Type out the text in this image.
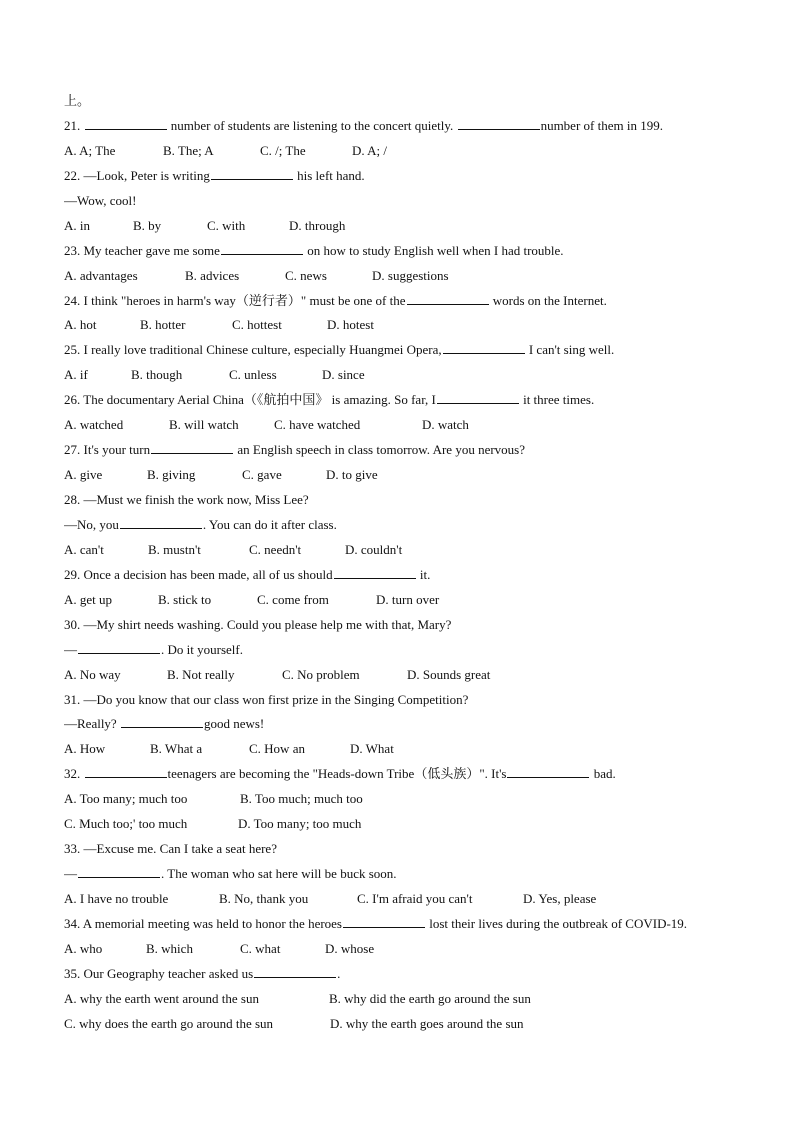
上。
21.	number of students are listening to the concert quietly.	number of them in 199.
A. A; The	B. The; A	C. /; The	D. A; /
22. —Look, Peter is writing	his left hand.
—Wow, cool!
A. in	B. by	C. with	D. through
23. My teacher gave me some	on how to study English well when I had trouble.
A. advantages	B. advices	C. news	D. suggestions
24. I think "heroes in harm's way（逆行者）" must be one of the	words on the Internet.
A. hot	B. hotter	C. hottest	D. hotest
25. I really love traditional Chinese culture, especially Huangmei Opera,	I can't sing well.
A. if	B. though	C. unless	D. since
26. The documentary Aerial China（《航拍中国》 is amazing. So far, I	it three times.
A. watched	B. will watch	C. have watched	D. watch
27. It's your turn	an English speech in class tomorrow. Are you nervous?
A. give	B. giving	C. gave	D. to give
28. —Must we finish the work now, Miss Lee?
—No, you	. You can do it after class.
A. can't	B. mustn't	C. needn't	D. couldn't
29. Once a decision has been made, all of us should	it.
A. get up	B. stick to	C. come from	D. turn over
30. —My shirt needs washing. Could you please help me with that, Mary?
—	. Do it yourself.
A. No way	B. Not really	C. No problem	D. Sounds great
31. —Do you know that our class won first prize in the Singing Competition?
—Really?	good news!
A. How	B. What a	C. How an	D. What
32.	teenagers are becoming the "Heads-down Tribe（低头族）". It's	bad.
A. Too many; much too	B. Too much; much too
C. Much too;' too much	D. Too many; too much
33. —Excuse me. Can I take a seat here?
—	. The woman who sat here will be buck soon.
A. I have no trouble	B. No, thank you	C. I'm afraid you can't	D. Yes, please
34. A memorial meeting was held to honor the heroes	lost their lives during the outbreak of COVID-19.
A. who	B. which	C. what	D. whose
35. Our Geography teacher asked us	.
A. why the earth went around the sun	B. why did the earth go around the sun
C. why does the earth go around the sun	D. why the earth goes around the sun
